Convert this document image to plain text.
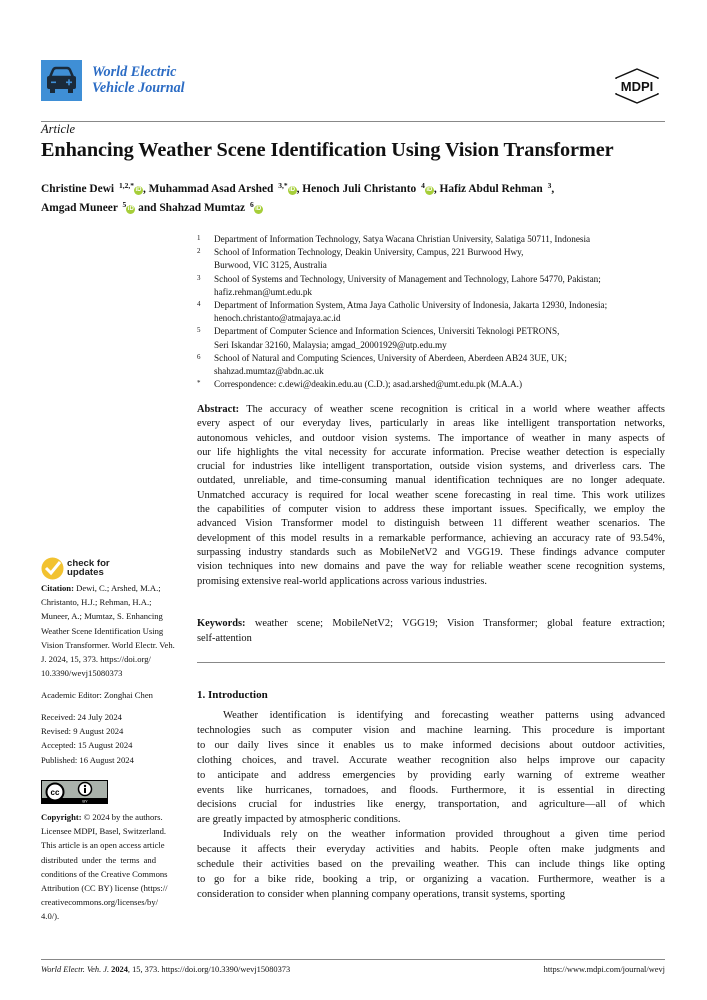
World Electric
Vehicle Journal	MDPI
Article
Enhancing Weather Scene Identification Using Vision Transformer
Christine Dewi $^{1,2,*}$ iD , Muhammad Asad Arshed $^{3,*}$ iD , Henoch Juli Christanto $^4$ iD , Hafiz Abdul Rehman $^3$,
Amgad Muneer $^5$ iD and Shahzad Mumtaz $^6$ iD
1	Department of Information Technology, Satya Wacana Christian University, Salatiga 50711, Indonesia
2	School of Information Technology, Deakin University, Campus, 221 Burwood Hwy,
Burwood, VIC 3125, Australia
3	School of Systems and Technology, University of Management and Technology, Lahore 54770, Pakistan;
hafiz.rehman@umt.edu.pk
4	Department of Information System, Atma Jaya Catholic University of Indonesia, Jakarta 12930, Indonesia;
henoch.christanto@atmajaya.ac.id
5	Department of Computer Science and Information Sciences, Universiti Teknologi PETRONS,
Seri Iskandar 32160, Malaysia; amgad_20001929@utp.edu.my
6	School of Natural and Computing Sciences, University of Aberdeen, Aberdeen AB24 3UE, UK;
shahzad.mumtaz@abdn.ac.uk
*	Correspondence: c.dewi@deakin.edu.au (C.D.); asad.arshed@umt.edu.pk (M.A.A.)
Abstract: The accuracy of weather scene recognition is critical in a world where weather affects
every aspect of our everyday lives, particularly in areas like intelligent transportation networks,
autonomous vehicles, and outdoor vision systems. The importance of weather in many aspects of
our life highlights the vital necessity for accurate information. Precise weather detection is especially
crucial for industries like intelligent transportation, outside vision systems, and driverless cars. The
outdated, unreliable, and time-consuming manual identification techniques are no longer adequate.
Unmatched accuracy is required for local weather scene forecasting in real time. This work utilizes
the capabilities of computer vision to address these important issues. Specifically, we employ the
advanced Vision Transformer model to distinguish between 11 different weather scenarios. The
development of this model results in a remarkable performance, achieving an accuracy rate of 93.54%,
surpassing industry standards such as MobileNetV2 and VGG19. These findings advance computer
vision techniques into new domains and pave the way for reliable weather scene recognition systems,
promising extensive real-world applications across various industries.
Keywords: weather scene; MobileNetV2; VGG19; Vision Transformer; global feature extraction;
self-attention
1. Introduction
Weather identification is identifying and forecasting weather patterns using advanced
technologies such as computer vision and machine learning. This procedure is important
to our daily lives since it enables us to make informed decisions about outdoor activities,
clothing choices, and travel. Accurate weather recognition also helps improve our capacity
to anticipate and address emergencies by providing early warning of extreme weather
events like hurricanes, tornadoes, and floods. Furthermore, it is essential in directing
decisions crucial for industries like energy, transportation, and agriculture—all of which
are greatly impacted by atmospheric conditions.
Individuals rely on the weather information provided throughout a given time period
because it affects their everyday activities and habits. People often make judgments and
schedule their activities based on the prevailing weather. This can include things like opting
to go for a bike ride, booking a trip, or organizing a vacation. Furthermore, weather is a
consideration to consider when planning company operations, transit systems, sporting
check for
updates
Citation: Dewi, C.; Arshed, M.A.;
Christanto, H.J.; Rehman, H.A.;
Muneer, A.; Mumtaz, S. Enhancing
Weather Scene Identification Using
Vision Transformer. World Electr. Veh.
J. 2024, 15, 373. https://doi.org/
10.3390/wevj15080373
Academic Editor: Zonghai Chen
Received: 24 July 2024
Revised: 9 August 2024
Accepted: 15 August 2024
Published: 16 August 2024
cc
BY
Copyright: © 2024 by the authors.
Licensee MDPI, Basel, Switzerland.
This article is an open access article
distributed under the terms and
conditions of the Creative Commons
Attribution (CC BY) license (https://
creativecommons.org/licenses/by/
4.0/).
World Electr. Veh. J. 2024, 15, 373. https://doi.org/10.3390/wevj15080373	https://www.mdpi.com/journal/wevj
